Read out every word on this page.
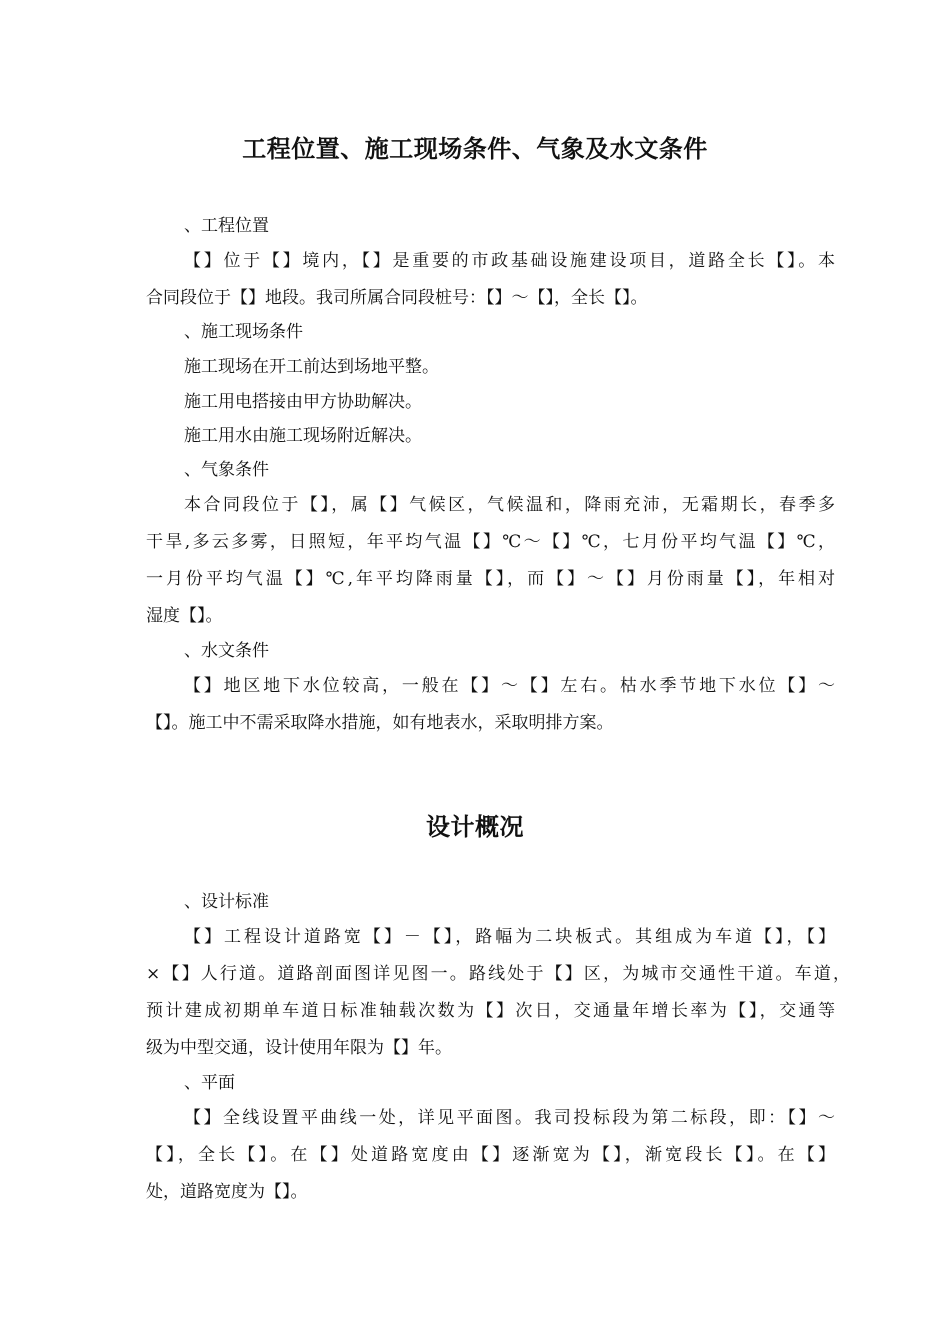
工程位置、施工现场条件、气象及水文条件
、工程位置
【】位于【】境内，【】是重要的市政基础设施建设项目，道路全长【】。本
合同段位于【】地段。我司所属合同段桩号：【】～【】，全长【】。
、施工现场条件
施工现场在开工前达到场地平整。
施工用电搭接由甲方协助解决。
施工用水由施工现场附近解决。
、气象条件
本合同段位于【】，属【】气候区，气候温和，降雨充沛，无霜期长，春季多
干旱,多云多雾，日照短，年平均气温【】℃～【】℃，七月份平均气温【】℃，
一月份平均气温【】℃,年平均降雨量【】，而【】～【】月份雨量【】，年相对
湿度【】。
、水文条件
【】地区地下水位较高，一般在【】～【】左右。枯水季节地下水位【】～
【】。施工中不需采取降水措施，如有地表水，采取明排方案。
设计概况
、设计标准
【】工程设计道路宽【】－【】，路幅为二块板式。其组成为车道【】，【】
×【】人行道。道路剖面图详见图一。路线处于【】区，为城市交通性干道。车道，
预计建成初期单车道日标准轴载次数为【】次日，交通量年增长率为【】，交通等
级为中型交通，设计使用年限为【】年。
、平面
【】全线设置平曲线一处，详见平面图。我司投标段为第二标段，即：【】～
【】，全长【】。在【】处道路宽度由【】逐渐宽为【】，渐宽段长【】。在【】
处，道路宽度为【】。
